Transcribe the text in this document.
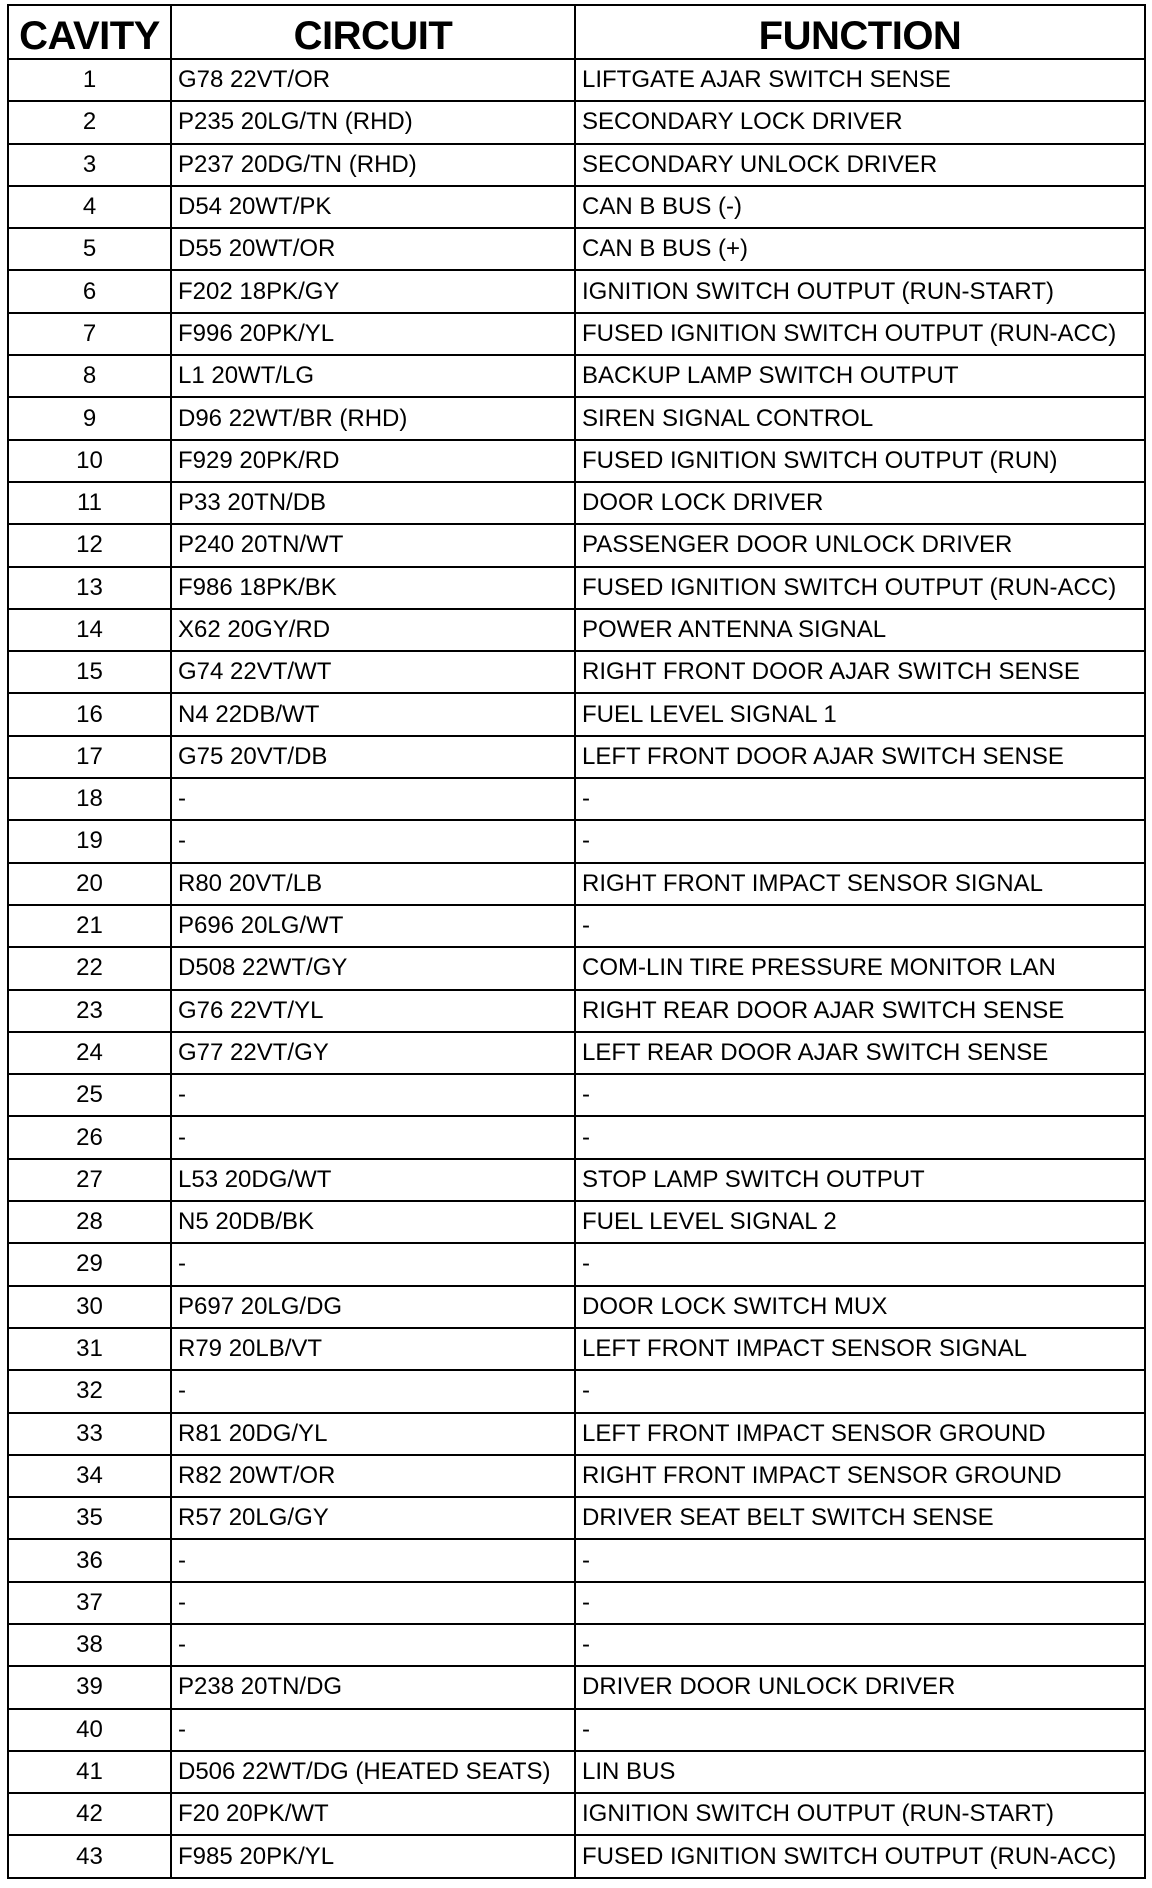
CAVITY	CIRCUIT	FUNCTION
1	G78 22VT/OR	LIFTGATE AJAR SWITCH SENSE
2	P235 20LG/TN (RHD)	SECONDARY LOCK DRIVER
3	P237 20DG/TN (RHD)	SECONDARY UNLOCK DRIVER
4	D54 20WT/PK	CAN B BUS (-)
5	D55 20WT/OR	CAN B BUS (+)
6	F202 18PK/GY	IGNITION SWITCH OUTPUT (RUN-START)
7	F996 20PK/YL	FUSED IGNITION SWITCH OUTPUT (RUN-ACC)
8	L1 20WT/LG	BACKUP LAMP SWITCH OUTPUT
9	D96 22WT/BR (RHD)	SIREN SIGNAL CONTROL
10	F929 20PK/RD	FUSED IGNITION SWITCH OUTPUT (RUN)
11	P33 20TN/DB	DOOR LOCK DRIVER
12	P240 20TN/WT	PASSENGER DOOR UNLOCK DRIVER
13	F986 18PK/BK	FUSED IGNITION SWITCH OUTPUT (RUN-ACC)
14	X62 20GY/RD	POWER ANTENNA SIGNAL
15	G74 22VT/WT	RIGHT FRONT DOOR AJAR SWITCH SENSE
16	N4 22DB/WT	FUEL LEVEL SIGNAL 1
17	G75 20VT/DB	LEFT FRONT DOOR AJAR SWITCH SENSE
18	-	-
19	-	-
20	R80 20VT/LB	RIGHT FRONT IMPACT SENSOR SIGNAL
21	P696 20LG/WT	-
22	D508 22WT/GY	COM-LIN TIRE PRESSURE MONITOR LAN
23	G76 22VT/YL	RIGHT REAR DOOR AJAR SWITCH SENSE
24	G77 22VT/GY	LEFT REAR DOOR AJAR SWITCH SENSE
25	-	-
26	-	-
27	L53 20DG/WT	STOP LAMP SWITCH OUTPUT
28	N5 20DB/BK	FUEL LEVEL SIGNAL 2
29	-	-
30	P697 20LG/DG	DOOR LOCK SWITCH MUX
31	R79 20LB/VT	LEFT FRONT IMPACT SENSOR SIGNAL
32	-	-
33	R81 20DG/YL	LEFT FRONT IMPACT SENSOR GROUND
34	R82 20WT/OR	RIGHT FRONT IMPACT SENSOR GROUND
35	R57 20LG/GY	DRIVER SEAT BELT SWITCH SENSE
36	-	-
37	-	-
38	-	-
39	P238 20TN/DG	DRIVER DOOR UNLOCK DRIVER
40	-	-
41	D506 22WT/DG (HEATED SEATS)	LIN BUS
42	F20 20PK/WT	IGNITION SWITCH OUTPUT (RUN-START)
43	F985 20PK/YL	FUSED IGNITION SWITCH OUTPUT (RUN-ACC)
